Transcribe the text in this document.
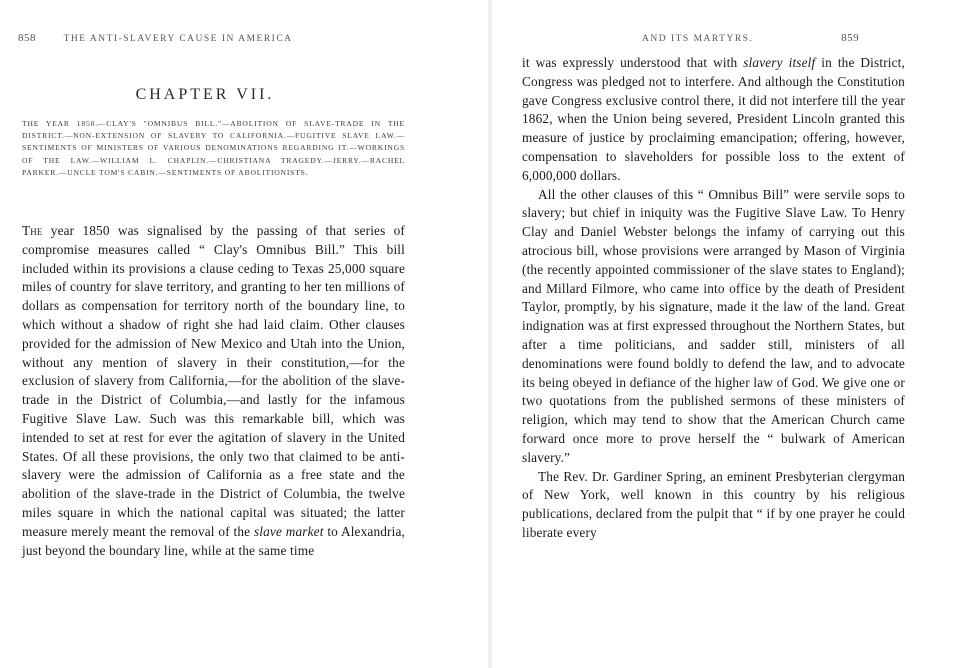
858	THE ANTI-SLAVERY CAUSE IN AMERICA
CHAPTER VII.

THE YEAR 1850.—CLAY'S "OMNIBUS BILL."—ABOLITION OF SLAVE-TRADE IN THE DISTRICT.—NON-EXTENSION OF SLAVERY TO CALIFORNIA.—FUGITIVE SLAVE LAW.—SENTIMENTS OF MINISTERS OF VARIOUS DENOMINATIONS REGARDING IT.—WORKINGS OF THE LAW.—WILLIAM L. CHAPLIN.—CHRISTIANA TRAGEDY.—JERRY.—RACHEL PARKER.—UNCLE TOM'S CABIN.—SENTIMENTS OF ABOLITIONISTS.

The year 1850 was signalised by the passing of that series of compromise measures called “ Clay's Omnibus Bill.” This bill included within its provisions a clause ceding to Texas 25,000 square miles of country for slave territory, and granting to her ten millions of dollars as compensation for territory north of the boundary line, to which without a shadow of right she had laid claim. Other clauses provided for the admission of New Mexico and Utah into the Union, without any mention of slavery in their constitution,—for the exclusion of slavery from California,—for the abolition of the slave-trade in the District of Columbia,—and lastly for the infamous Fugitive Slave Law. Such was this remarkable bill, which was intended to set at rest for ever the agitation of slavery in the United States. Of all these provisions, the only two that claimed to be anti-slavery were the admission of California as a free state and the abolition of the slave-trade in the District of Columbia, the twelve miles square in which the national capital was situated; the latter measure merely meant the removal of the slave market to Alexandria, just beyond the boundary line, while at the same time

AND ITS MARTYRS.	859

it was expressly understood that with slavery itself in the District, Congress was pledged not to interfere. And although the Constitution gave Congress exclusive control there, it did not interfere till the year 1862, when the Union being severed, President Lincoln granted this measure of justice by proclaiming emancipation; offering, however, compensation to slaveholders for possible loss to the extent of 6,000,000 dollars.

All the other clauses of this “ Omnibus Bill” were servile sops to slavery; but chief in iniquity was the Fugitive Slave Law. To Henry Clay and Daniel Webster belongs the infamy of carrying out this atrocious bill, whose provisions were arranged by Mason of Virginia (the recently appointed commissioner of the slave states to England); and Millard Filmore, who came into office by the death of President Taylor, promptly, by his signature, made it the law of the land. Great indignation was at first expressed throughout the Northern States, but after a time politicians, and sadder still, ministers of all denominations were found boldly to defend the law, and to advocate its being obeyed in defiance of the higher law of God. We give one or two quotations from the published sermons of these ministers of religion, which may tend to show that the American Church came forward once more to prove herself the “ bulwark of American slavery.”

The Rev. Dr. Gardiner Spring, an eminent Presbyterian clergyman of New York, well known in this country by his religious publications, declared from the pulpit that “ if by one prayer he could liberate every
